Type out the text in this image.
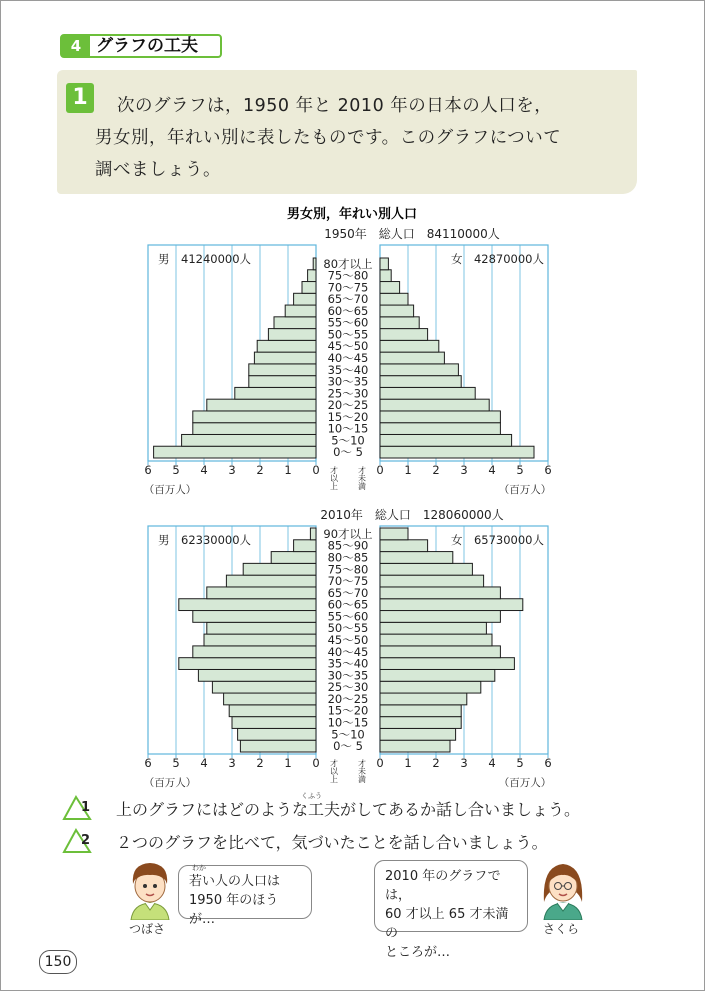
4 グラフの工夫
次のグラフは，1950 年と 2010 年の日本の人口を，
男女別，年れい別に表したものです。このグラフについて
調べましょう。
1
男女別，年れい別人口
1950年　総人口　84110000人
0～ 5
5～10
10～15
15～20
20～25
25～30
30～35
35～40
40～45
45～50
50～55
55～60
60～65
65～70
70～75
75～80
80才以上
6 5 4 3 2 1 0	0 1 2 3 4 5 6
（百万人）	（百万人）
才以上 才未満
男　41240000人	女　42870000人
2010年　総人口　128060000人
0～ 5
5～10
10～15
15～20
20～25
25～30
30～35
35～40
40～45
45～50
50～55
55～60
60～65
65～70
70～75
75～80
80～85
85～90
90才以上
6 5 4 3 2 1 0	0 1 2 3 4 5 6
（百万人）	（百万人）
才以上 才未満
男　62330000人	女　65730000人
1 上のグラフにはどのような工夫がしてあるか話し合いましょう。
くふう
2 ２つのグラフを比べて，気づいたことを話し合いましょう。
つばさ
若い人の人口は
1950 年のほうが…
わか
2010 年のグラフでは，
60 才以上 65 才未満の
ところが…
さくら
150
